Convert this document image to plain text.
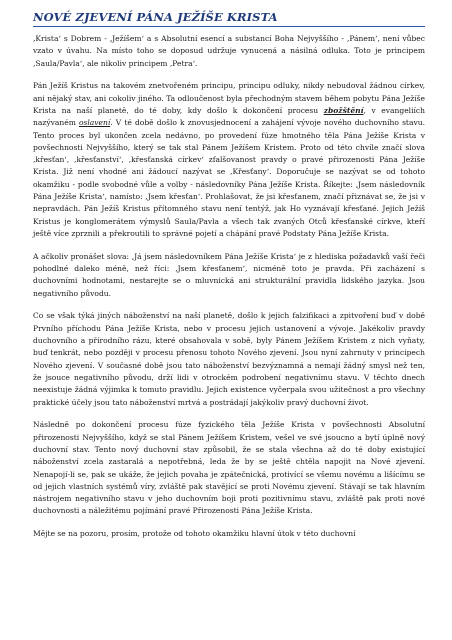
NOVÉ ZJEVENÍ PÁNA JEŽÍŠE KRISTA

‚Krista‘ s Dobrem - ‚Ježíšem‘ a s Absolutní esencí a substancí Boha Nejvyššího - ‚Pánem‘, není vůbec vzato v úvahu. Na místo toho se doposud udržuje vynucená a násilná odluka. Toto je principem ‚Saula/Pavla‘, ale nikoliv principem ‚Petra‘.

Pán Ježíš Kristus na takovém znetvořeném principu, principu odluky, nikdy nebudoval žádnou církev, ani nějaký stav, ani cokoliv jiného. Ta odloučenost byla přechodným stavem během pobytu Pána Ježíše Krista na naší planetě, do té doby, kdy došlo k dokončení procesu zbožštění, v evangeliích nazývaném oslavení. V té době došlo k znovusjednocení a zahájení vývoje nového duchovního stavu. Tento proces byl ukončen zcela nedávno, po provedení fúze hmotného těla Pána Ježíše Krista v povšechnosti Nejvyššího, který se tak stal Pánem Ježíšem Kristem. Proto od této chvíle značí slova ‚křesťan‘, ‚křesťanství‘, ‚křesťanská církev‘ zfalšovanost pravdy o pravé přirozenosti Pána Ježíše Krista. Již není vhodné ani žádoucí nazývat se ‚Křesťany‘. Doporučuje se nazývat se od tohoto okamžiku - podle svobodné vůle a volby - následovníky Pána Ježíše Krista. Říkejte: ‚Jsem následovník Pána Ježíše Krista‘, namísto: ‚Jsem křesťan‘. Prohlašovat, že jsi křesťanem, značí přiznávat se, že jsi v nepravdách. Pán Ježíš Kristus přítomného stavu není tentýž, jak Ho vyznávají křesťané. Jejich Ježíš Kristus je konglomerátem výmyslů Saula/Pavla a všech tak zvaných Otců křesťanské církve, kteří ještě více zprznili a překroutili to správné pojetí a chápání pravé Podstaty Pána Ježíše Krista.

A ačkoliv pronášet slova: ‚Já jsem následovníkem Pána Ježíše Krista‘ je z hlediska požadavků vaší řeči pohodlné daleko méně, než říci: ‚Jsem křesťanem‘, nicméně toto je pravda. Při zacházení s duchovními hodnotami, nestarejte se o mluvnická ani strukturální pravidla lidského jazyka. Jsou negativního původu.

Co se však týká jiných náboženství na naší planetě, došlo k jejich falzifikaci a zpitvoření buď v době Prvního příchodu Pána Ježíše Krista, nebo v procesu jejich ustanovení a vývoje. Jakékoliv pravdy duchovního a přírodního rázu, které obsahovala v sobě, byly Pánem Ježíšem Kristem z nich vyňaty, buď tenkrát, nebo později v procesu přenosu tohoto Nového zjevení. Jsou nyní zahrnuty v principech Nového zjevení. V současné době jsou tato náboženství bezvýznamná a nemají žádný smysl než ten, že jsouce negativního původu, drží lidi v otrockém podrobení negativnímu stavu. V těchto dnech neexistuje žádná výjimka k tomuto pravidlu. Jejich existence vyčerpala svou užitečnost a pro všechny praktické účely jsou tato náboženství mrtvá a postrádají jakýkoliv pravý duchovní život.

Následně po dokončení procesu fúze fyzického těla Ježíše Krista v povšechnosti Absolutní přirozenosti Nejvyššího, když se stal Pánem Ježíšem Kristem, vešel ve své jsoucno a bytí úplně nový duchovní stav. Tento nový duchovní stav způsobil, že se stala všechna až do té doby existující náboženství zcela zastaralá a nepotřebná, leda že by se ještě chtěla napojit na Nové zjevení. Nenapojí-li se, pak se ukáže, že jejich povaha je zpátečnická, protivící se všemu novému a lišícímu se od jejich vlastních systémů víry, zvláště pak stavějící se proti Novému zjevení. Stávají se tak hlavním nástrojem negativního stavu v jeho duchovním boji proti pozitivnímu stavu, zvláště pak proti nové duchovnosti a náležitému pojímání pravé Přirozenosti Pána Ježíše Krista.

Mějte se na pozoru, prosím, protože od tohoto okamžiku hlavní útok v této duchovní
